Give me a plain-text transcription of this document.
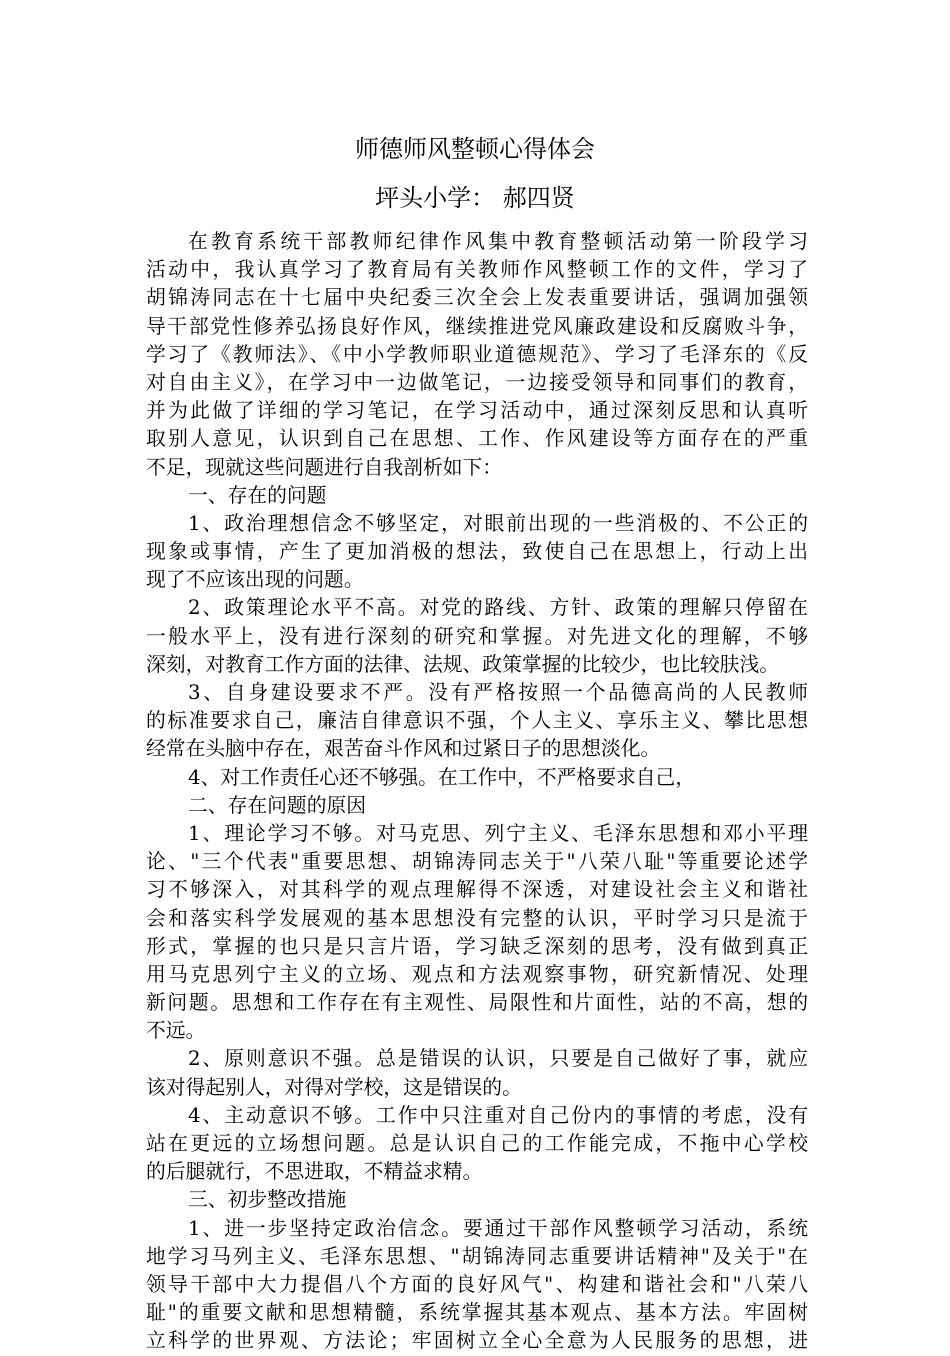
师德师风整顿心得体会
坪头小学： 郝四贤
在教育系统干部教师纪律作风集中教育整顿活动第一阶段学习
活动中，我认真学习了教育局有关教师作风整顿工作的文件，学习了
胡锦涛同志在十七届中央纪委三次全会上发表重要讲话，强调加强领
导干部党性修养弘扬良好作风，继续推进党风廉政建设和反腐败斗争，
学习了《教师法》、《中小学教师职业道德规范》、学习了毛泽东的《反
对自由主义》，在学习中一边做笔记，一边接受领导和同事们的教育，
并为此做了详细的学习笔记，在学习活动中，通过深刻反思和认真听
取别人意见，认识到自己在思想、工作、作风建设等方面存在的严重
不足，现就这些问题进行自我剖析如下：
一、存在的问题
1、政治理想信念不够坚定，对眼前出现的一些消极的、不公正的
现象或事情，产生了更加消极的想法，致使自己在思想上，行动上出
现了不应该出现的问题。
2、政策理论水平不高。对党的路线、方针、政策的理解只停留在
一般水平上，没有进行深刻的研究和掌握。对先进文化的理解，不够
深刻，对教育工作方面的法律、法规、政策掌握的比较少，也比较肤浅。
3、自身建设要求不严。没有严格按照一个品德高尚的人民教师
的标准要求自己，廉洁自律意识不强，个人主义、享乐主义、攀比思想
经常在头脑中存在，艰苦奋斗作风和过紧日子的思想淡化。
4、对工作责任心还不够强。在工作中，不严格要求自己，
二、存在问题的原因
1、理论学习不够。对马克思、列宁主义、毛泽东思想和邓小平理
论、"三个代表"重要思想、胡锦涛同志关于"八荣八耻"等重要论述学
习不够深入，对其科学的观点理解得不深透，对建设社会主义和谐社
会和落实科学发展观的基本思想没有完整的认识，平时学习只是流于
形式，掌握的也只是只言片语，学习缺乏深刻的思考，没有做到真正
用马克思列宁主义的立场、观点和方法观察事物，研究新情况、处理
新问题。思想和工作存在有主观性、局限性和片面性，站的不高，想的
不远。
2、原则意识不强。总是错误的认识，只要是自己做好了事，就应
该对得起别人，对得对学校，这是错误的。
4、主动意识不够。工作中只注重对自己份内的事情的考虑，没有
站在更远的立场想问题。总是认识自己的工作能完成，不拖中心学校
的后腿就行，不思进取，不精益求精。
三、初步整改措施
1、进一步坚持定政治信念。要通过干部作风整顿学习活动，系统
地学习马列主义、毛泽东思想、"胡锦涛同志重要讲话精神"及关于"在
领导干部中大力提倡八个方面的良好风气"、构建和谐社会和"八荣八
耻"的重要文献和思想精髓，系统掌握其基本观点、基本方法。牢固树
立科学的世界观、方法论；牢固树立全心全意为人民服务的思想，进
